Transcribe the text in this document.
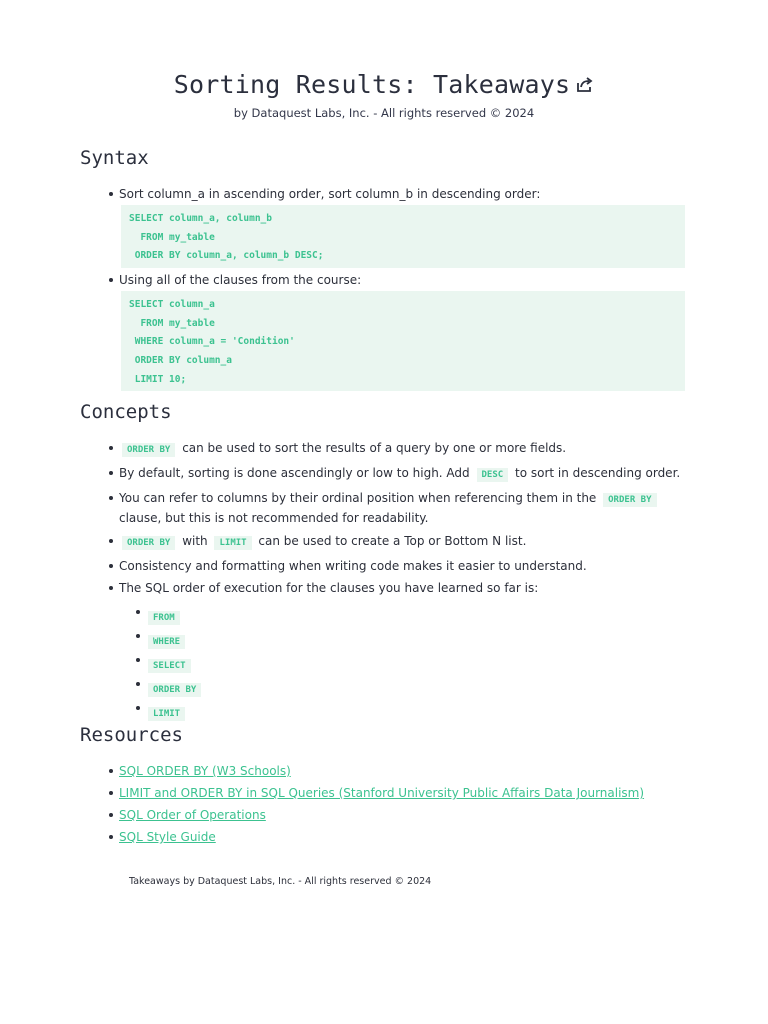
Sorting Results: Takeaways
by Dataquest Labs, Inc. - All rights reserved © 2024
Syntax
Sort column_a in ascending order, sort column_b in descending order:
SELECT column_a, column_b
FROM my_table
ORDER BY column_a, column_b DESC;
Using all of the clauses from the course:
SELECT column_a
FROM my_table
WHERE column_a = 'Condition'
ORDER BY column_a
LIMIT 10;
Concepts
ORDER BY can be used to sort the results of a query by one or more fields.
By default, sorting is done ascendingly or low to high. Add DESC to sort in descending order.
You can refer to columns by their ordinal position when referencing them in the ORDER BY clause, but this is not recommended for readability.
ORDER BY with LIMIT can be used to create a Top or Bottom N list.
Consistency and formatting when writing code makes it easier to understand.
The SQL order of execution for the clauses you have learned so far is:
FROM
WHERE
SELECT
ORDER BY
LIMIT
Resources
SQL ORDER BY (W3 Schools)
LIMIT and ORDER BY in SQL Queries (Stanford University Public Affairs Data Journalism)
SQL Order of Operations
SQL Style Guide
Takeaways by Dataquest Labs, Inc. - All rights reserved © 2024
